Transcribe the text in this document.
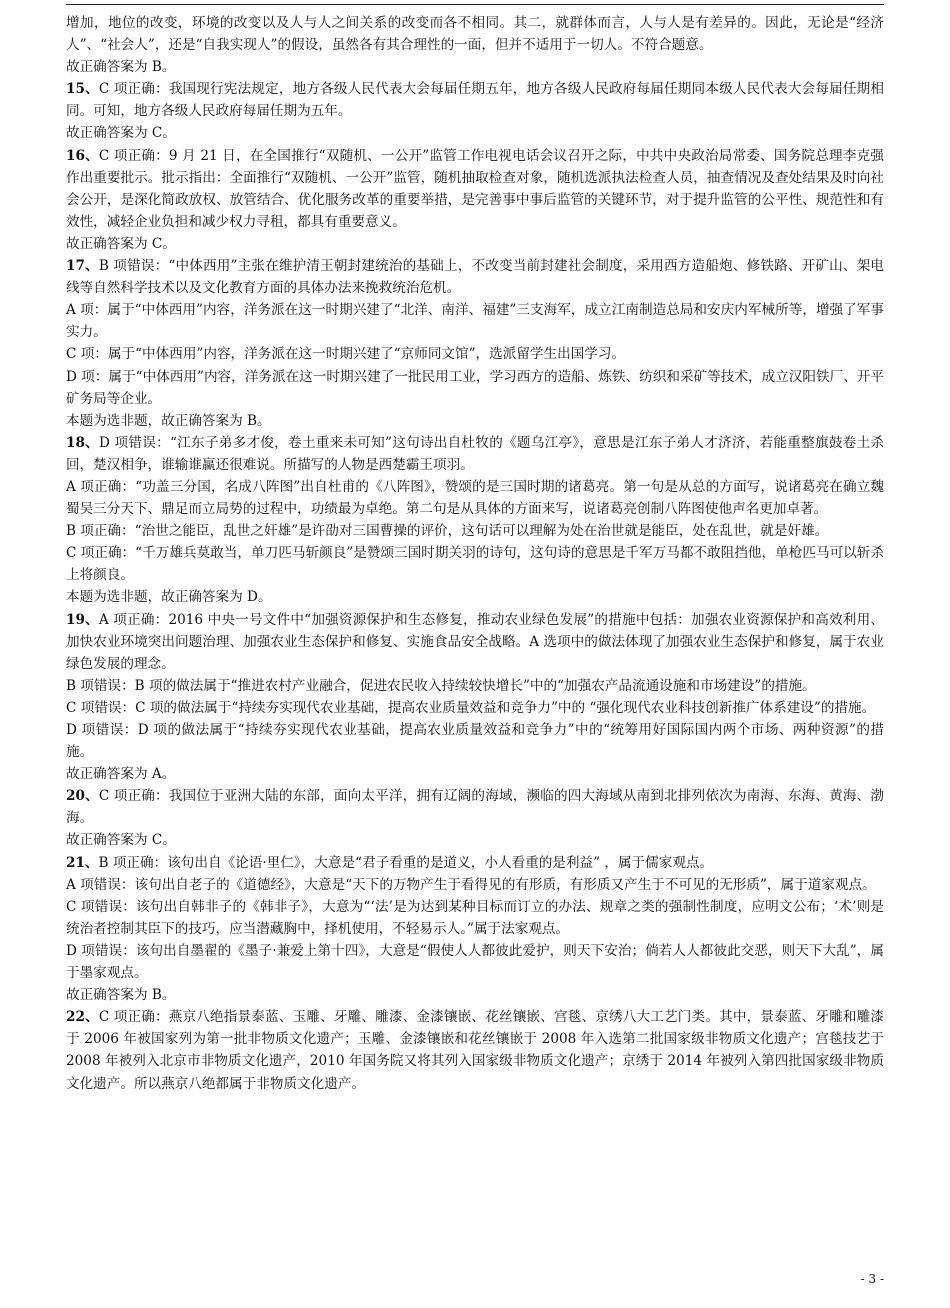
增加，地位的改变，环境的改变以及人与人之间关系的改变而各不相同。其二，就群体而言，人与人是有差异的。因此，无论是“经济人”、“社会人”，还是“自我实现人”的假设，虽然各有其合理性的一面，但并不适用于一切人。不符合题意。

故正确答案为 B。

15、C 项正确：我国现行宪法规定，地方各级人民代表大会每届任期五年，地方各级人民政府每届任期同本级人民代表大会每届任期相同。可知，地方各级人民政府每届任期为五年。

故正确答案为 C。

16、C 项正确：9 月 21 日，在全国推行“双随机、一公开”监管工作电视电话会议召开之际，中共中央政治局常委、国务院总理李克强作出重要批示。批示指出：全面推行“双随机、一公开”监管，随机抽取检查对象，随机选派执法检查人员，抽查情况及查处结果及时向社会公开，是深化简政放权、放管结合、优化服务改革的重要举措，是完善事中事后监管的关键环节，对于提升监管的公平性、规范性和有效性，减轻企业负担和减少权力寻租，都具有重要意义。

故正确答案为 C。

17、B 项错误：“中体西用”主张在维护清王朝封建统治的基础上，不改变当前封建社会制度，采用西方造船炮、修铁路、开矿山、架电线等自然科学技术以及文化教育方面的具体办法来挽救统治危机。

A 项：属于“中体西用”内容，洋务派在这一时期兴建了“北洋、南洋、福建”三支海军，成立江南制造总局和安庆内军械所等，增强了军事实力。

C 项：属于“中体西用”内容，洋务派在这一时期兴建了“京师同文馆”，选派留学生出国学习。

D 项：属于“中体西用”内容，洋务派在这一时期兴建了一批民用工业，学习西方的造船、炼铁、纺织和采矿等技术，成立汉阳铁厂、开平矿务局等企业。

本题为选非题，故正确答案为 B。

18、D 项错误：“江东子弟多才俊，卷土重来未可知”这句诗出自杜牧的《题乌江亭》，意思是江东子弟人才济济，若能重整旗鼓卷土杀回，楚汉相争，谁输谁赢还很难说。所描写的人物是西楚霸王项羽。

A 项正确：“功盖三分国，名成八阵图”出自杜甫的《八阵图》，赞颂的是三国时期的诸葛亮。第一句是从总的方面写，说诸葛亮在确立魏蜀吴三分天下、鼎足而立局势的过程中，功绩最为卓绝。第二句是从具体的方面来写，说诸葛亮创制八阵图使他声名更加卓著。

B 项正确：“治世之能臣，乱世之奸雄”是许劭对三国曹操的评价，这句话可以理解为处在治世就是能臣，处在乱世，就是奸雄。

C 项正确：“千万雄兵莫敢当，单刀匹马斩颜良”是赞颂三国时期关羽的诗句，这句诗的意思是千军万马都不敢阻挡他，单枪匹马可以斩杀上将颜良。

本题为选非题，故正确答案为 D。

19、A 项正确：2016 中央一号文件中“加强资源保护和生态修复，推动农业绿色发展”的措施中包括：加强农业资源保护和高效利用、加快农业环境突出问题治理、加强农业生态保护和修复、实施食品安全战略。A 选项中的做法体现了加强农业生态保护和修复，属于农业绿色发展的理念。

B 项错误：B 项的做法属于“推进农村产业融合，促进农民收入持续较快增长”中的“加强农产品流通设施和市场建设”的措施。

C 项错误：C 项的做法属于“持续夯实现代农业基础，提高农业质量效益和竞争力”中的 “强化现代农业科技创新推广体系建设”的措施。

D 项错误：D 项的做法属于“持续夯实现代农业基础，提高农业质量效益和竞争力”中的“统筹用好国际国内两个市场、两种资源”的措施。

故正确答案为 A。

20、C 项正确：我国位于亚洲大陆的东部，面向太平洋，拥有辽阔的海域，濒临的四大海域从南到北排列依次为南海、东海、黄海、渤海。

故正确答案为 C。

21、B 项正确：该句出自《论语·里仁》，大意是“君子看重的是道义，小人看重的是利益” ，属于儒家观点。

A 项错误：该句出自老子的《道德经》，大意是“天下的万物产生于看得见的有形质，有形质又产生于不可见的无形质”，属于道家观点。

C 项错误：该句出自韩非子的《韩非子》，大意为“‘法’是为达到某种目标而订立的办法、规章之类的强制性制度，应明文公布；‘术’则是统治者控制其臣下的技巧，应当潜藏胸中，择机使用，不轻易示人。”属于法家观点。

D 项错误：该句出自墨翟的《墨子·兼爱上第十四》，大意是“假使人人都彼此爱护，则天下安治；倘若人人都彼此交恶，则天下大乱”，属于墨家观点。

故正确答案为 B。

22、C 项正确：燕京八绝指景泰蓝、玉雕、牙雕、雕漆、金漆镶嵌、花丝镶嵌、宫毯、京绣八大工艺门类。其中，景泰蓝、牙雕和雕漆于 2006 年被国家列为第一批非物质文化遗产；玉雕、金漆镶嵌和花丝镶嵌于 2008 年入选第二批国家级非物质文化遗产；宫毯技艺于 2008 年被列入北京市非物质文化遗产，2010 年国务院又将其列入国家级非物质文化遗产；京绣于 2014 年被列入第四批国家级非物质文化遗产。所以燕京八绝都属于非物质文化遗产。

- 3 -
